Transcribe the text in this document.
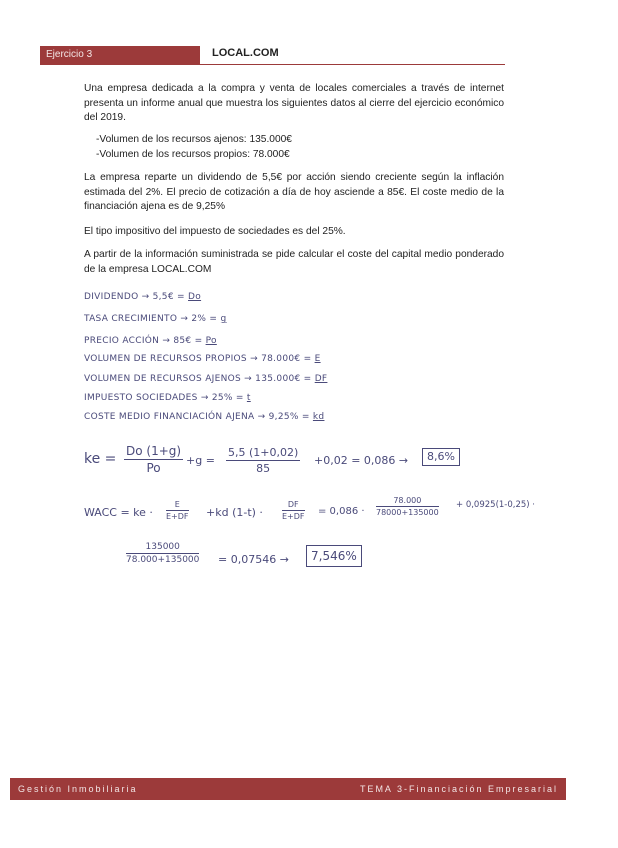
Ejercicio 3	LOCAL.COM
Una empresa dedicada a la compra y venta de locales comerciales a través de internet presenta un informe anual que muestra los siguientes datos al cierre del ejercicio económico del 2019.
-Volumen de los recursos ajenos: 135.000€
-Volumen de los recursos propios: 78.000€
La empresa reparte un dividendo de 5,5€ por acción siendo creciente según la inflación estimada del 2%. El precio de cotización a día de hoy asciende a 85€. El coste medio de la financiación ajena es de 9,25%
El tipo impositivo del impuesto de sociedades es del 25%.
A partir de la información suministrada se pide calcular el coste del capital medio ponderado de la empresa LOCAL.COM
DIVIDENDO → 5,5€ = Do
TASA CRECIMIENTO → 2% = g
PRECIO ACCIÓN → 85€ = Po
VOLUMEN DE RECURSOS PROPIOS → 78.000€ = E
VOLUMEN DE RECURSOS AJENOS → 135.000€ = DF
IMPUESTO SOCIEDADES → 25% = t
COSTE MEDIO FINANCIACIÓN AJENA → 9,25% = kd
ke = $\frac{Do (1+g)}{Po} +g = \frac{5,5 (1+0,02)}{85} +0,02 = 0,086$ →	8,6%
WACC = ke · $\frac{E}{E+DF} +kd$ $(1-t) \cdot \frac{DF}{E+DF} = 0,086 \cdot \frac{78.000}{78000+135000} + 0,0925(1-0,25)$ ·
$\frac{135000}{78.000+135000} = 0,07546$ →	7,546%
Gestión Inmobiliaria	TEMA 3-Financiación Empresarial
